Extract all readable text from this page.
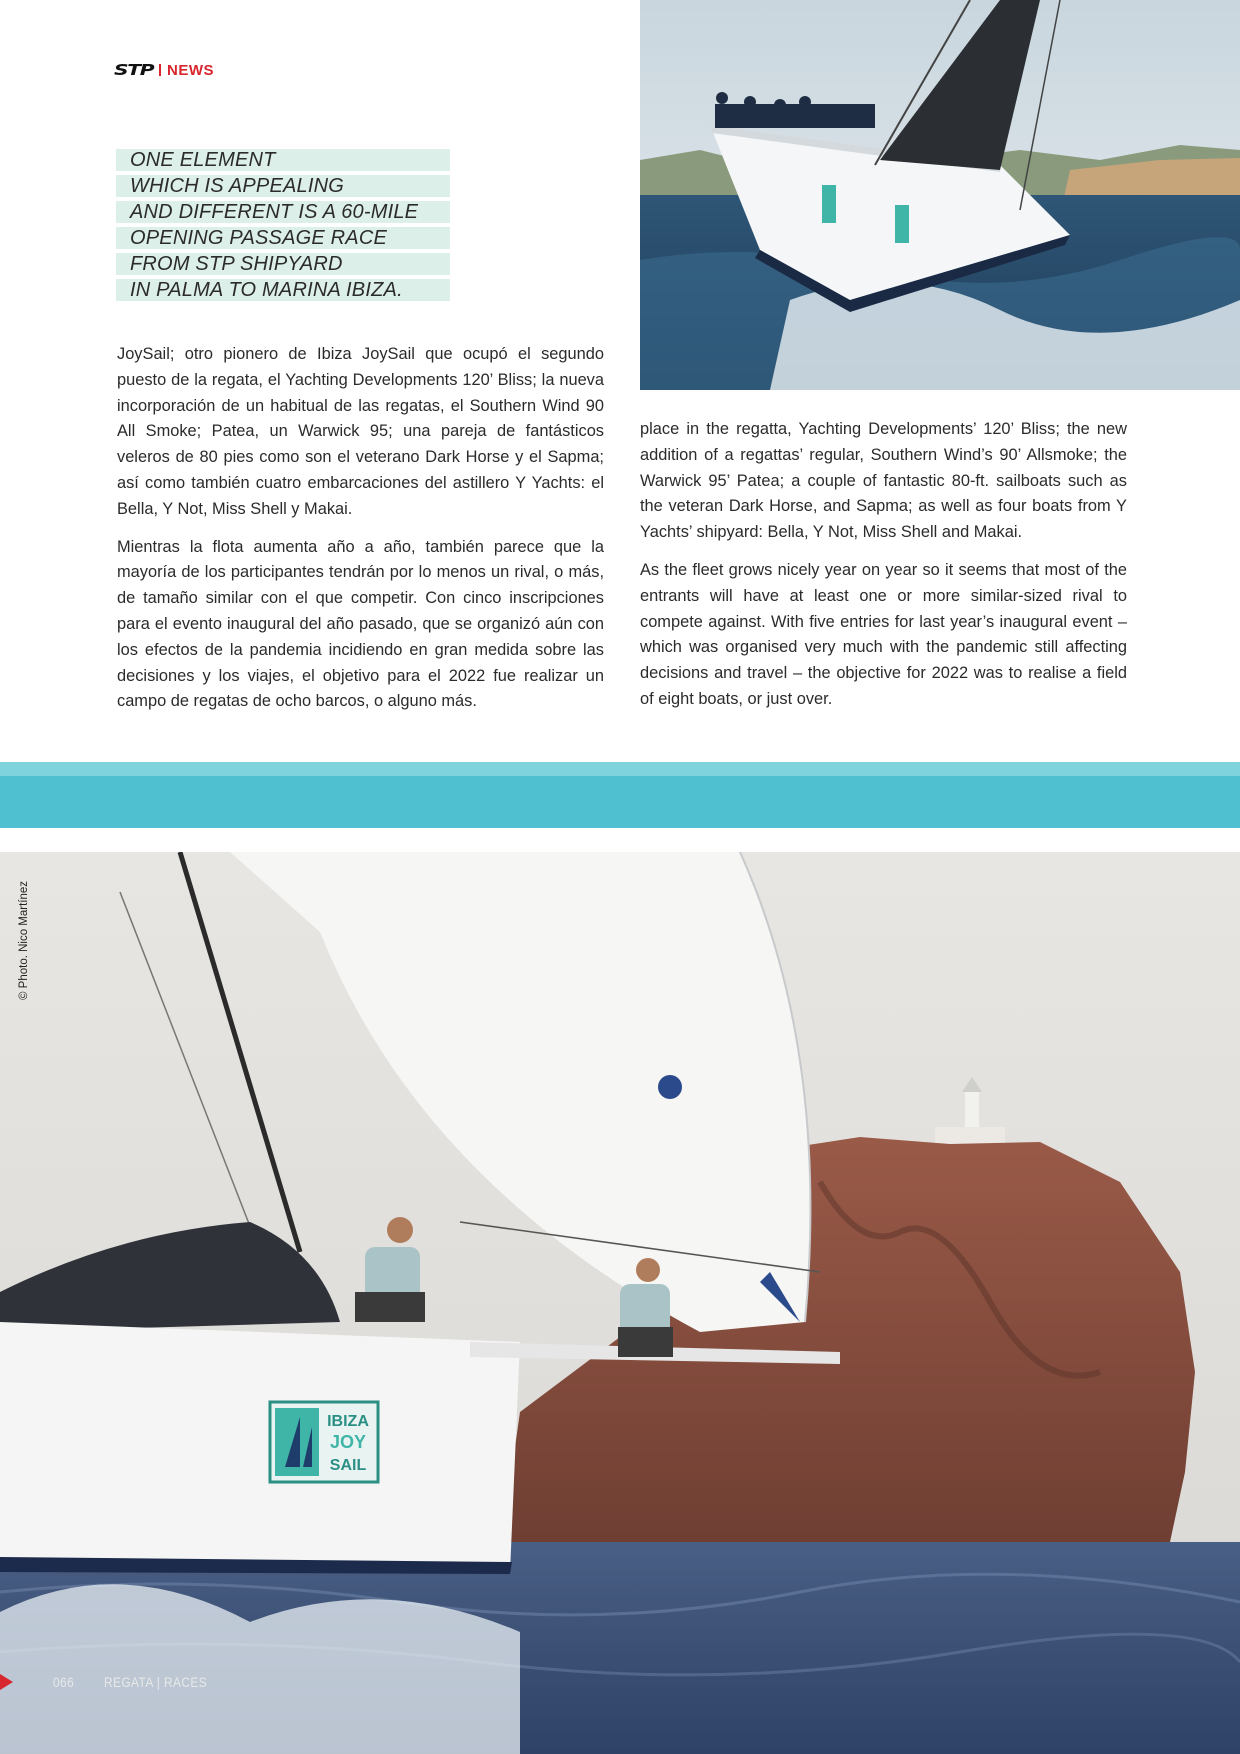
STP NEWS
ONE ELEMENT
WHICH IS APPEALING
AND DIFFERENT IS A 60-MILE
OPENING PASSAGE RACE
FROM STP SHIPYARD
IN PALMA TO MARINA IBIZA.

JoySail; otro pionero de Ibiza JoySail que ocupó el segundo puesto de la regata, el Yachting Developments 120’ Bliss; la nueva incorporación de un habitual de las regatas, el Southern Wind 90 All Smoke; Patea, un Warwick 95; una pareja de fantásticos veleros de 80 pies como son el veterano Dark Horse y el Sapma; así como también cuatro embarcaciones del astillero Y Yachts: el Bella, Y Not, Miss Shell y Makai.

Mientras la flota aumenta año a año, también parece que la mayoría de los participantes tendrán por lo menos un rival, o más, de tamaño similar con el que competir. Con cinco inscripciones para el evento inaugural del año pasado, que se organizó aún con los efectos de la pandemia incidiendo en gran medida sobre las decisiones y los viajes, el objetivo para el 2022 fue realizar un campo de regatas de ocho barcos, o alguno más.

place in the regatta, Yachting Developments’ 120’ Bliss; the new addition of a regattas’ regular, Southern Wind’s 90’ Allsmoke; the Warwick 95’ Patea; a couple of fantastic 80-ft. sailboats such as the veteran Dark Horse, and Sapma; as well as four boats from Y Yachts’ shipyard: Bella, Y Not, Miss Shell and Makai.

As the fleet grows nicely year on year so it seems that most of the entrants will have at least one or more similar-sized rival to compete against. With five entries for last year’s inaugural event – which was organised very much with the pandemic still affecting decisions and travel – the objective for 2022 was to realise a field of eight boats, or just over.

IBIZA
JOY
SAIL
© Photo. Nico Martínez
066 REGATA | RACES
